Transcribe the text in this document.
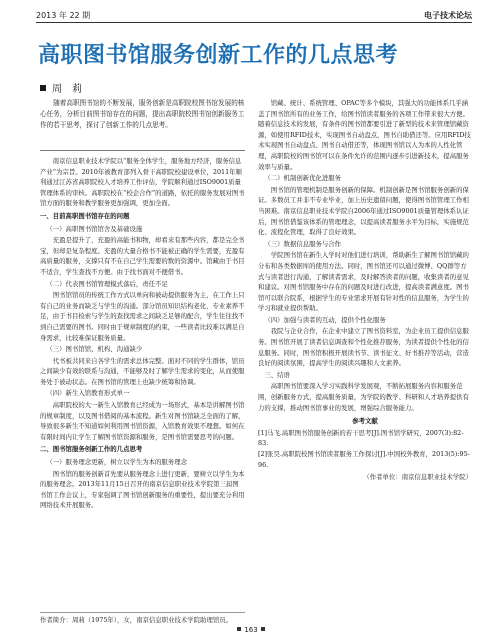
2013 年 22 期	电子技术论坛
高职图书馆服务创新工作的几点思考
周　莉

随着高职图书馆的不断发展，服务创新是高职院校图书馆发展的核心任务，分析目前图书馆存在的问题，提出高职院校图书馆创新服务工作的若干思考，探讨了创新工作的几点思考。

南京信息职业技术学院以“服务全体学生，服务地方经济，服务信息产业”为宗旨。2010年被教育部列入骨干高职院校建设单位，2011年顺利通过江苏省高职院校人才培养工作评估，学院顺利通过ISO9001质量管理体系的审核。高职院校在“校企合作”的道路，依托的服务发展对图书馆方面的服务和教学服务更加强调，更加全面。

一、目前高职图书馆存在的问题

（一）高职图书馆馆舍及基础设施

充盈是提升了，充盈的高能书和物，却看来有那些内容，都是完全书宝，但却是复杂程度。充盈的大量合格书不能被正确的学生需要，充盈有高质量的服务，支撑只有不在自己学生需要的数的资源中。馆藏由于书目不适合，学生查找不方便。由于找书面对不便借书。

（二）代表图书馆管理模式落后，责任不足

图书馆馆员的传统工作方式以单向和被动提供服务为主，在工作上只有自己的业务而缺乏与学生的沟通。部分馆员知识结构老化，专业素养不足，由于书目检索与学生的查找需求之间缺乏足够的配合，学生往往找不到自己需要的图书。同时由于规章制度的约束，一些读者比较难以满足自身需求，比较难保证服务质量。

（三）图书馆馆、机构、沟通缺少

代书板共同来自各学生的需求总体完整。面对不同的学生群体，馆员之间缺少有效的联系与沟通，不能够及时了解学生需求的变化，从而使服务处于被动状态。在图书馆的管理上也缺少统筹和协调。

（四）新生入馆教育形式单一

高职院校的大一新生入馆教育已经成为一场形式，基本是讲解图书馆的规章制度，以及图书借阅的基本流程。新生对图书馆缺乏全面的了解，导致很多新生不知道如何利用图书馆资源，入馆教育效果不理想。如何在有限时间内让学生了解图书馆资源和服务，是图书馆需要思考的问题。

二、图书馆服务创新工作的几点思考

（一）服务理念更新，树立以学生为本的服务理念

图书馆的服务创新首先要从服务理念上进行更新，要树立以学生为本的服务理念。2013年11月15日召开的南京信息职业技术学院第三届图书馆工作会议上，专家强调了图书馆创新服务的重要性，提出要充分利用网络技术开展服务。

馆藏、统计、系统管理、OPAC等多个模块，其强大的功能体系几乎涵盖了图书馆所有的业务工作，给图书馆读者服务的各项工作带来很大方便。随着信息技术的发展，有条件的图书馆都要引进了新型的技术来管理馆藏资源，如使用RFID技术，实现图书自动盘点，图书自助借还等。应用RFID技术实现图书自动盘点、图书自动借还等，体现图书馆以人为本的人性化管理，高职院校的图书馆可以在条件允许的范围内逐步引进新技术，提高服务效率与质量。

（二）机制创新优化进服务

图书馆的管理机制是服务创新的保障。机制创新是图书馆服务创新的保证。多数员工并非不专业毕业，加上历史遗留问题，使得图书馆管理工作相当困难。南京信息职业技术学院自2006年通过ISO9001质量管理体系认证后，图书馆借鉴该体系的管理理念，以提高读者服务水平为目标，实施规范化、流程化管理，取得了良好效果。

（三）数据信息服务与合作

学院图书馆在新生入学时对他们进行培训，帮助新生了解图书馆馆藏的分布和各类数据库的使用方法。同时，图书馆还可以通过微博、QQ群等方式与读者进行沟通，了解读者需求，及时解答读者的问题，收集读者的意见和建议。对图书馆服务中存在的问题及时进行改进，提高读者满意度。图书馆可以联合院系，根据学生的专业需求开展有针对性的信息服务，为学生的学习和就业提供帮助。

（四）加强与读者的互动，提供个性化服务

我院与企业合作，在企业中建立了图书资料室，为企业员工提供信息服务。图书馆开展了读者信息调查和个性化推荐服务，为读者提供个性化的信息服务。同时，图书馆积极开展读书节、读书征文、好书推荐等活动，营造良好的阅读氛围，提高学生的阅读兴趣和人文素养。

三、结语

高职图书馆要深入学习实践科学发展观，不断拓展服务内容和服务范围，创新服务方式，提高服务质量，为学院的教学、科研和人才培养提供有力的支撑，推动图书馆事业的发展，增强综合服务能力。

参考文献

[1]马飞.高职图书馆服务创新的若干思考[J].图书馆学研究，2007(3):82-83.

[2]张昊.高职院校图书馆读者服务工作探讨[J].中国校外教育，2013(5):95-96.

（作者单位：南京信息职业技术学院）

作者简介：周莉（1975年），女，南京信息职业技术学院助理馆员。
163
